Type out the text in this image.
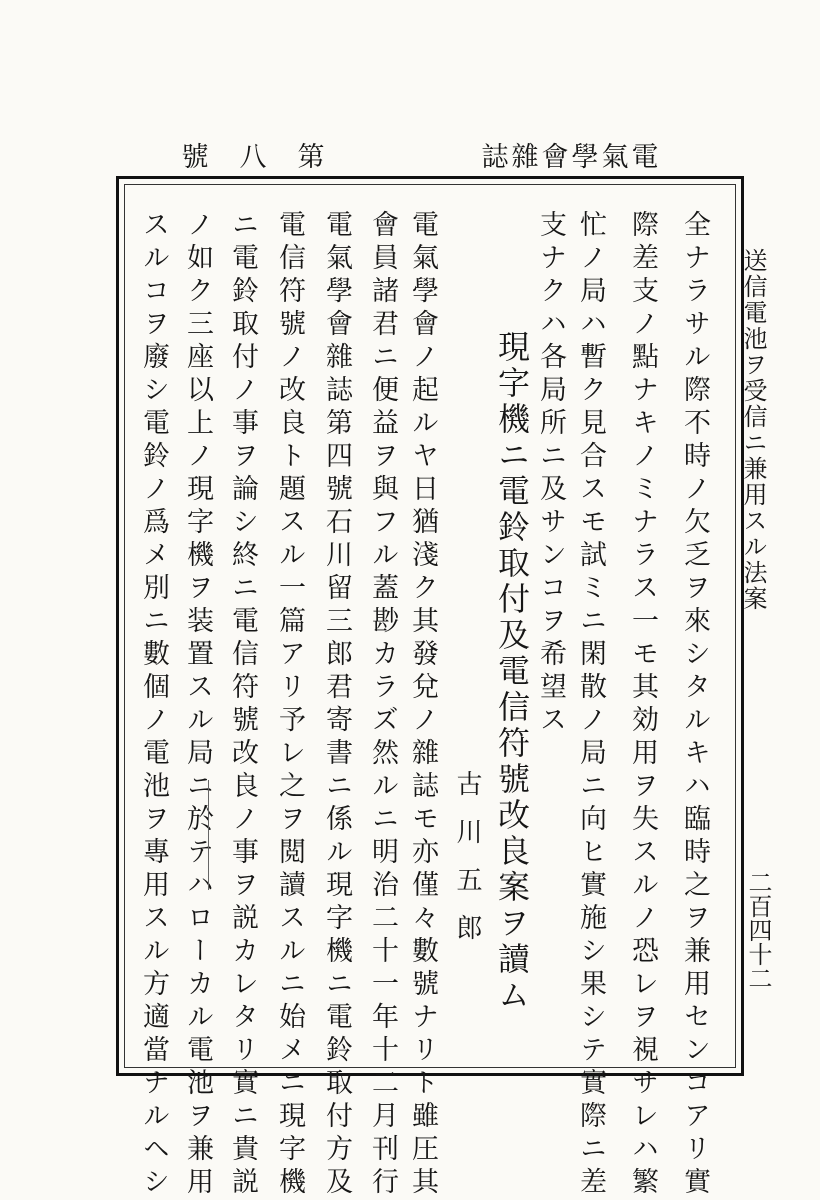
電
氣
學
會
雜
誌
第
八
號
送信電池ヲ受信ニ兼用スル法案
二百四十二
全ナラサル際不時ノ欠乏ヲ來シタルキハ臨時之ヲ兼用センコアリ實
際差支ノ點ナキノミナラス一モ其効用ヲ失スルノ恐レヲ視サレハ繁
忙ノ局ハ暫ク見合スモ試ミニ閑散ノ局ニ向ヒ實施シ果シテ實際ニ差
支ナクハ各局所ニ及サンコヲ希望ス
現字機ニ電鈴取付及電信符號改良案ヲ讀ム
古川五郎
電氣學會ノ起ルヤ日猶淺ク其發兌ノ雜誌モ亦僅々數號ナリト雖圧其
會員諸君ニ便益ヲ與フル蓋尠カラズ然ルニ明治二十一年十二月刊行
電氣學會雜誌第四號石川留三郎君寄書ニ係ル現字機ニ電鈴取付方及
電信符號ノ改良ト題スル一篇アリ予レ之ヲ閲讀スルニ始メニ現字機
ニ電鈴取付ノ事ヲ論シ終ニ電信符號改良ノ事ヲ説カレタリ實ニ貴説
ノ如ク三座以上ノ現字機ヲ装置スル局ニ於テハローカル電池ヲ兼用
スルコヲ廢シ電鈴ノ爲メ別ニ數個ノ電池ヲ專用スル方適當ナルヘシ
